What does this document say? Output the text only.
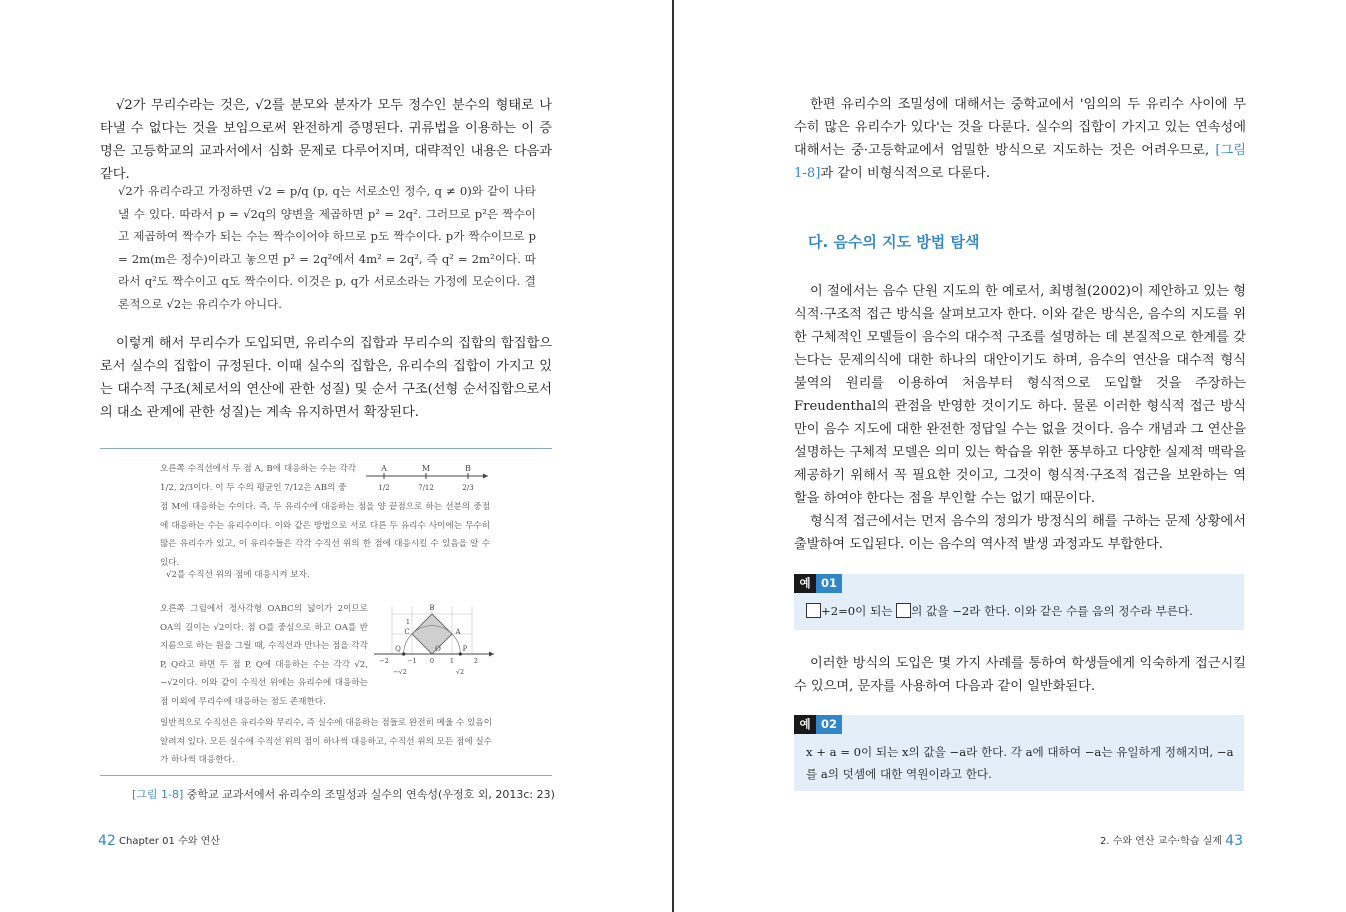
√2가 무리수라는 것은, √2를 분모와 분자가 모두 정수인 분수의 형태로 나타낼 수 없다는 것을 보임으로써 완전하게 증명된다. 귀류법을 이용하는 이 증명은 고등학교의 교과서에서 심화 문제로 다루어지며, 대략적인 내용은 다음과 같다.

√2가 유리수라고 가정하면 √2 = p/q (p, q는 서로소인 정수, q ≠ 0)와 같이 나타낼 수 있다. 따라서 p = √2q의 양변을 제곱하면 p² = 2q². 그러므로 p²은 짝수이고 제곱하여 짝수가 되는 수는 짝수이어야 하므로 p도 짝수이다. p가 짝수이므로 p = 2m(m은 정수)이라고 놓으면 p² = 2q²에서 4m² = 2q², 즉 q² = 2m²이다. 따라서 q²도 짝수이고 q도 짝수이다. 이것은 p, q가 서로소라는 가정에 모순이다. 결론적으로 √2는 유리수가 아니다.

이렇게 해서 무리수가 도입되면, 유리수의 집합과 무리수의 집합의 합집합으로서 실수의 집합이 규정된다. 이때 실수의 집합은, 유리수의 집합이 가지고 있는 대수적 구조(체로서의 연산에 관한 성질) 및 순서 구조(선형 순서집합으로서의 대소 관계에 관한 성질)는 계속 유지하면서 확장된다.

오른쪽 수직선에서 두 점 A, B에 대응하는 수는 각각 1/2, 2/3이다. 이 두 수의 평균인 7/12은 AB의 중

점 M에 대응하는 수이다. 즉, 두 유리수에 대응하는 점을 양 끝점으로 하는 선분의 중점에 대응하는 수는 유리수이다. 이와 같은 방법으로 서로 다른 두 유리수 사이에는 무수히 많은 유리수가 있고, 이 유리수들은 각각 수직선 위의 한 점에 대응시킬 수 있음을 알 수 있다.

A	M	B
1/2	7/12	2/3

√2를 수직선 위의 점에 대응시켜 보자.

오른쪽 그림에서 정사각형 OABC의 넓이가 2이므로 OA의 길이는 √2이다. 점 O를 중심으로 하고 OA를 반지름으로 하는 원을 그릴 때, 수직선과 만나는 점을 각각 P, Q라고 하면 두 점 P, Q에 대응하는 수는 각각 √2, −√2이다. 이와 같이 수직선 위에는 유리수에 대응하는 점 이외에 무리수에 대응하는 점도 존재한다.

B
C	A
Q	O	P
1
−2	−1 0 1	2
−√2	√2

일반적으로 수직선은 유리수와 무리수, 즉 실수에 대응하는 점들로 완전히 메울 수 있음이 알려져 있다. 모든 실수에 수직선 위의 점이 하나씩 대응하고, 수직선 위의 모든 점에 실수가 하나씩 대응한다.

[그림 1-8] 중학교 교과서에서 유리수의 조밀성과 실수의 연속성(우정호 외, 2013c: 23)

42 Chapter 01 수와 연산

한편 유리수의 조밀성에 대해서는 중학교에서 '임의의 두 유리수 사이에 무수히 많은 유리수가 있다'는 것을 다룬다. 실수의 집합이 가지고 있는 연속성에 대해서는 중·고등학교에서 엄밀한 방식으로 지도하는 것은 어려우므로, [그림 1-8]과 같이 비형식적으로 다룬다.

다. 음수의 지도 방법 탐색

이 절에서는 음수 단원 지도의 한 예로서, 최병철(2002)이 제안하고 있는 형식적·구조적 접근 방식을 살펴보고자 한다. 이와 같은 방식은, 음수의 지도를 위한 구체적인 모델들이 음수의 대수적 구조를 설명하는 데 본질적으로 한계를 갖는다는 문제의식에 대한 하나의 대안이기도 하며, 음수의 연산을 대수적 형식 불역의 원리를 이용하여 처음부터 형식적으로 도입할 것을 주장하는 Freudenthal의 관점을 반영한 것이기도 하다. 물론 이러한 형식적 접근 방식만이 음수 지도에 대한 완전한 정답일 수는 없을 것이다. 음수 개념과 그 연산을 설명하는 구체적 모델은 의미 있는 학습을 위한 풍부하고 다양한 실제적 맥락을 제공하기 위해서 꼭 필요한 것이고, 그것이 형식적·구조적 접근을 보완하는 역할을 하여야 한다는 점을 부인할 수는 없기 때문이다.

형식적 접근에서는 먼저 음수의 정의가 방정식의 해를 구하는 문제 상황에서 출발하여 도입된다. 이는 음수의 역사적 발생 과정과도 부합한다.

예 01

+2=0이 되는 의 값을 −2라 한다. 이와 같은 수를 음의 정수라 부른다.

이러한 방식의 도입은 몇 가지 사례를 통하여 학생들에게 익숙하게 접근시킬 수 있으며, 문자를 사용하여 다음과 같이 일반화된다.

예 02

x + a = 0이 되는 x의 값을 −a라 한다. 각 a에 대하여 −a는 유일하게 정해지며, −a를 a의 덧셈에 대한 역원이라고 한다.

2. 수와 연산 교수·학습 실제 43
